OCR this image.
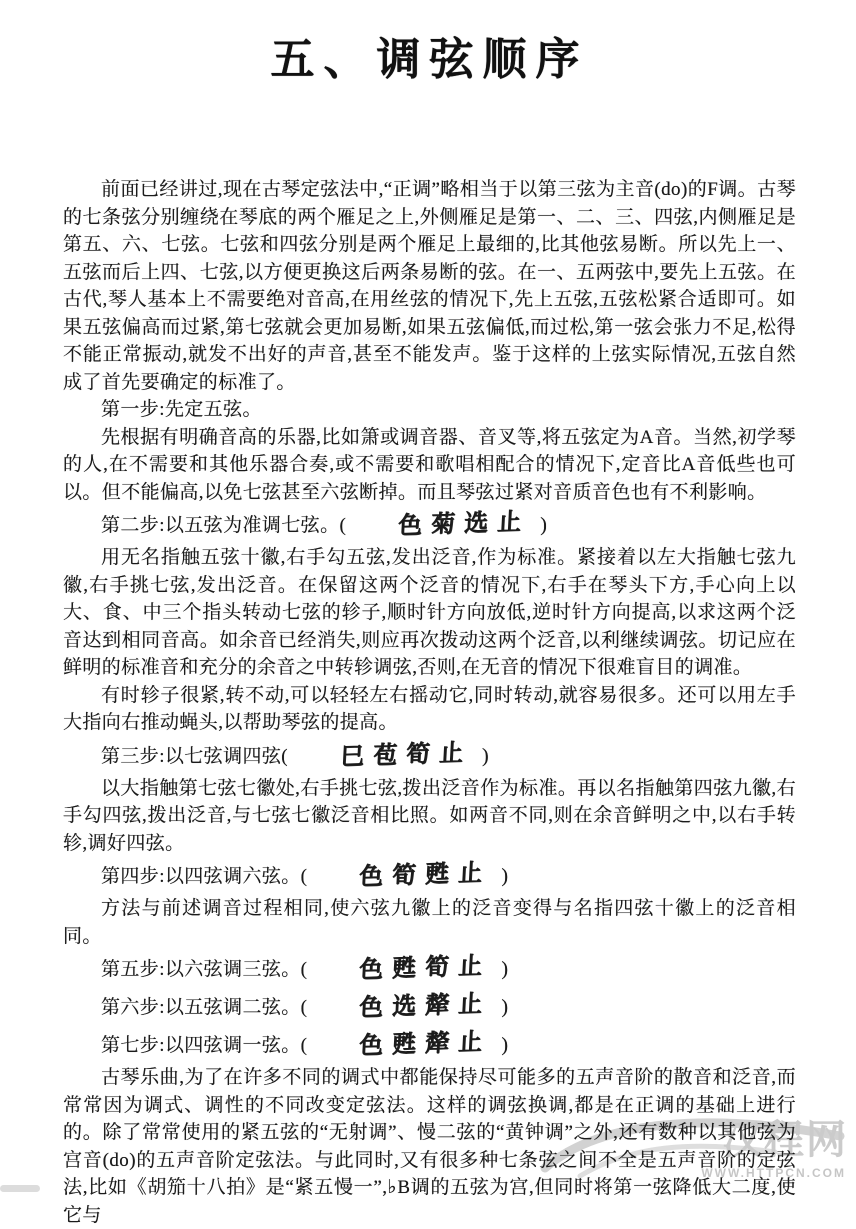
五、调弦顺序

前面已经讲过,现在古琴定弦法中,“正调”略相当于以第三弦为主音(do)的F调。古琴的七条弦分别缠绕在琴底的两个雁足之上,外侧雁足是第一、二、三、四弦,内侧雁足是第五、六、七弦。七弦和四弦分别是两个雁足上最细的,比其他弦易断。所以先上一、五弦而后上四、七弦,以方便更换这后两条易断的弦。在一、五两弦中,要先上五弦。在古代,琴人基本上不需要绝对音高,在用丝弦的情况下,先上五弦,五弦松紧合适即可。如果五弦偏高而过紧,第七弦就会更加易断,如果五弦偏低,而过松,第一弦会张力不足,松得不能正常振动,就发不出好的声音,甚至不能发声。鉴于这样的上弦实际情况,五弦自然成了首先要确定的标准了。

第一步:先定五弦。

先根据有明确音高的乐器,比如箫或调音器、音叉等,将五弦定为A音。当然,初学琴的人,在不需要和其他乐器合奏,或不需要和歌唱相配合的情况下,定音比A音低些也可以。但不能偏高,以免七弦甚至六弦断掉。而且琴弦过紧对音质音色也有不利影响。

第二步:以五弦为准调七弦。( 色菊选止 )

用无名指触五弦十徽,右手勾五弦,发出泛音,作为标准。紧接着以左大指触七弦九徽,右手挑七弦,发出泛音。在保留这两个泛音的情况下,右手在琴头下方,手心向上以大、食、中三个指头转动七弦的轸子,顺时针方向放低,逆时针方向提高,以求这两个泛音达到相同音高。如余音已经消失,则应再次拨动这两个泛音,以利继续调弦。切记应在鲜明的标准音和充分的余音之中转轸调弦,否则,在无音的情况下很难盲目的调准。

有时轸子很紧,转不动,可以轻轻左右摇动它,同时转动,就容易很多。还可以用左手大指向右推动蝇头,以帮助琴弦的提高。

第三步:以七弦调四弦( 巳苞筍止 )

以大指触第七弦七徽处,右手挑七弦,拨出泛音作为标准。再以名指触第四弦九徽,右手勾四弦,拨出泛音,与七弦七徽泛音相比照。如两音不同,则在余音鲜明之中,以右手转轸,调好四弦。

第四步:以四弦调六弦。( 色筍甦止 )

方法与前述调音过程相同,使六弦九徽上的泛音变得与名指四弦十徽上的泛音相同。

第五步:以六弦调三弦。( 色甦筍止 )

第六步:以五弦调二弦。( 色选犛止 )

第七步:以四弦调一弦。( 色甦犛止 )

古琴乐曲,为了在许多不同的调式中都能保持尽可能多的五声音阶的散音和泛音,而常常因为调式、调性的不同改变定弦法。这样的调弦换调,都是在正调的基础上进行的。除了常常使用的紧五弦的“无射调”、慢二弦的“黄钟调”之外,还有数种以其他弦为宫音(do)的五声音阶定弦法。与此同时,又有很多种七条弦之间不全是五声音阶的定弦法,比如《胡笳十八拍》是“紧五慢一”,♭B调的五弦为宫,但同时将第一弦降低大二度,使它与

汉程网
WWW.HTTPCN.COM
